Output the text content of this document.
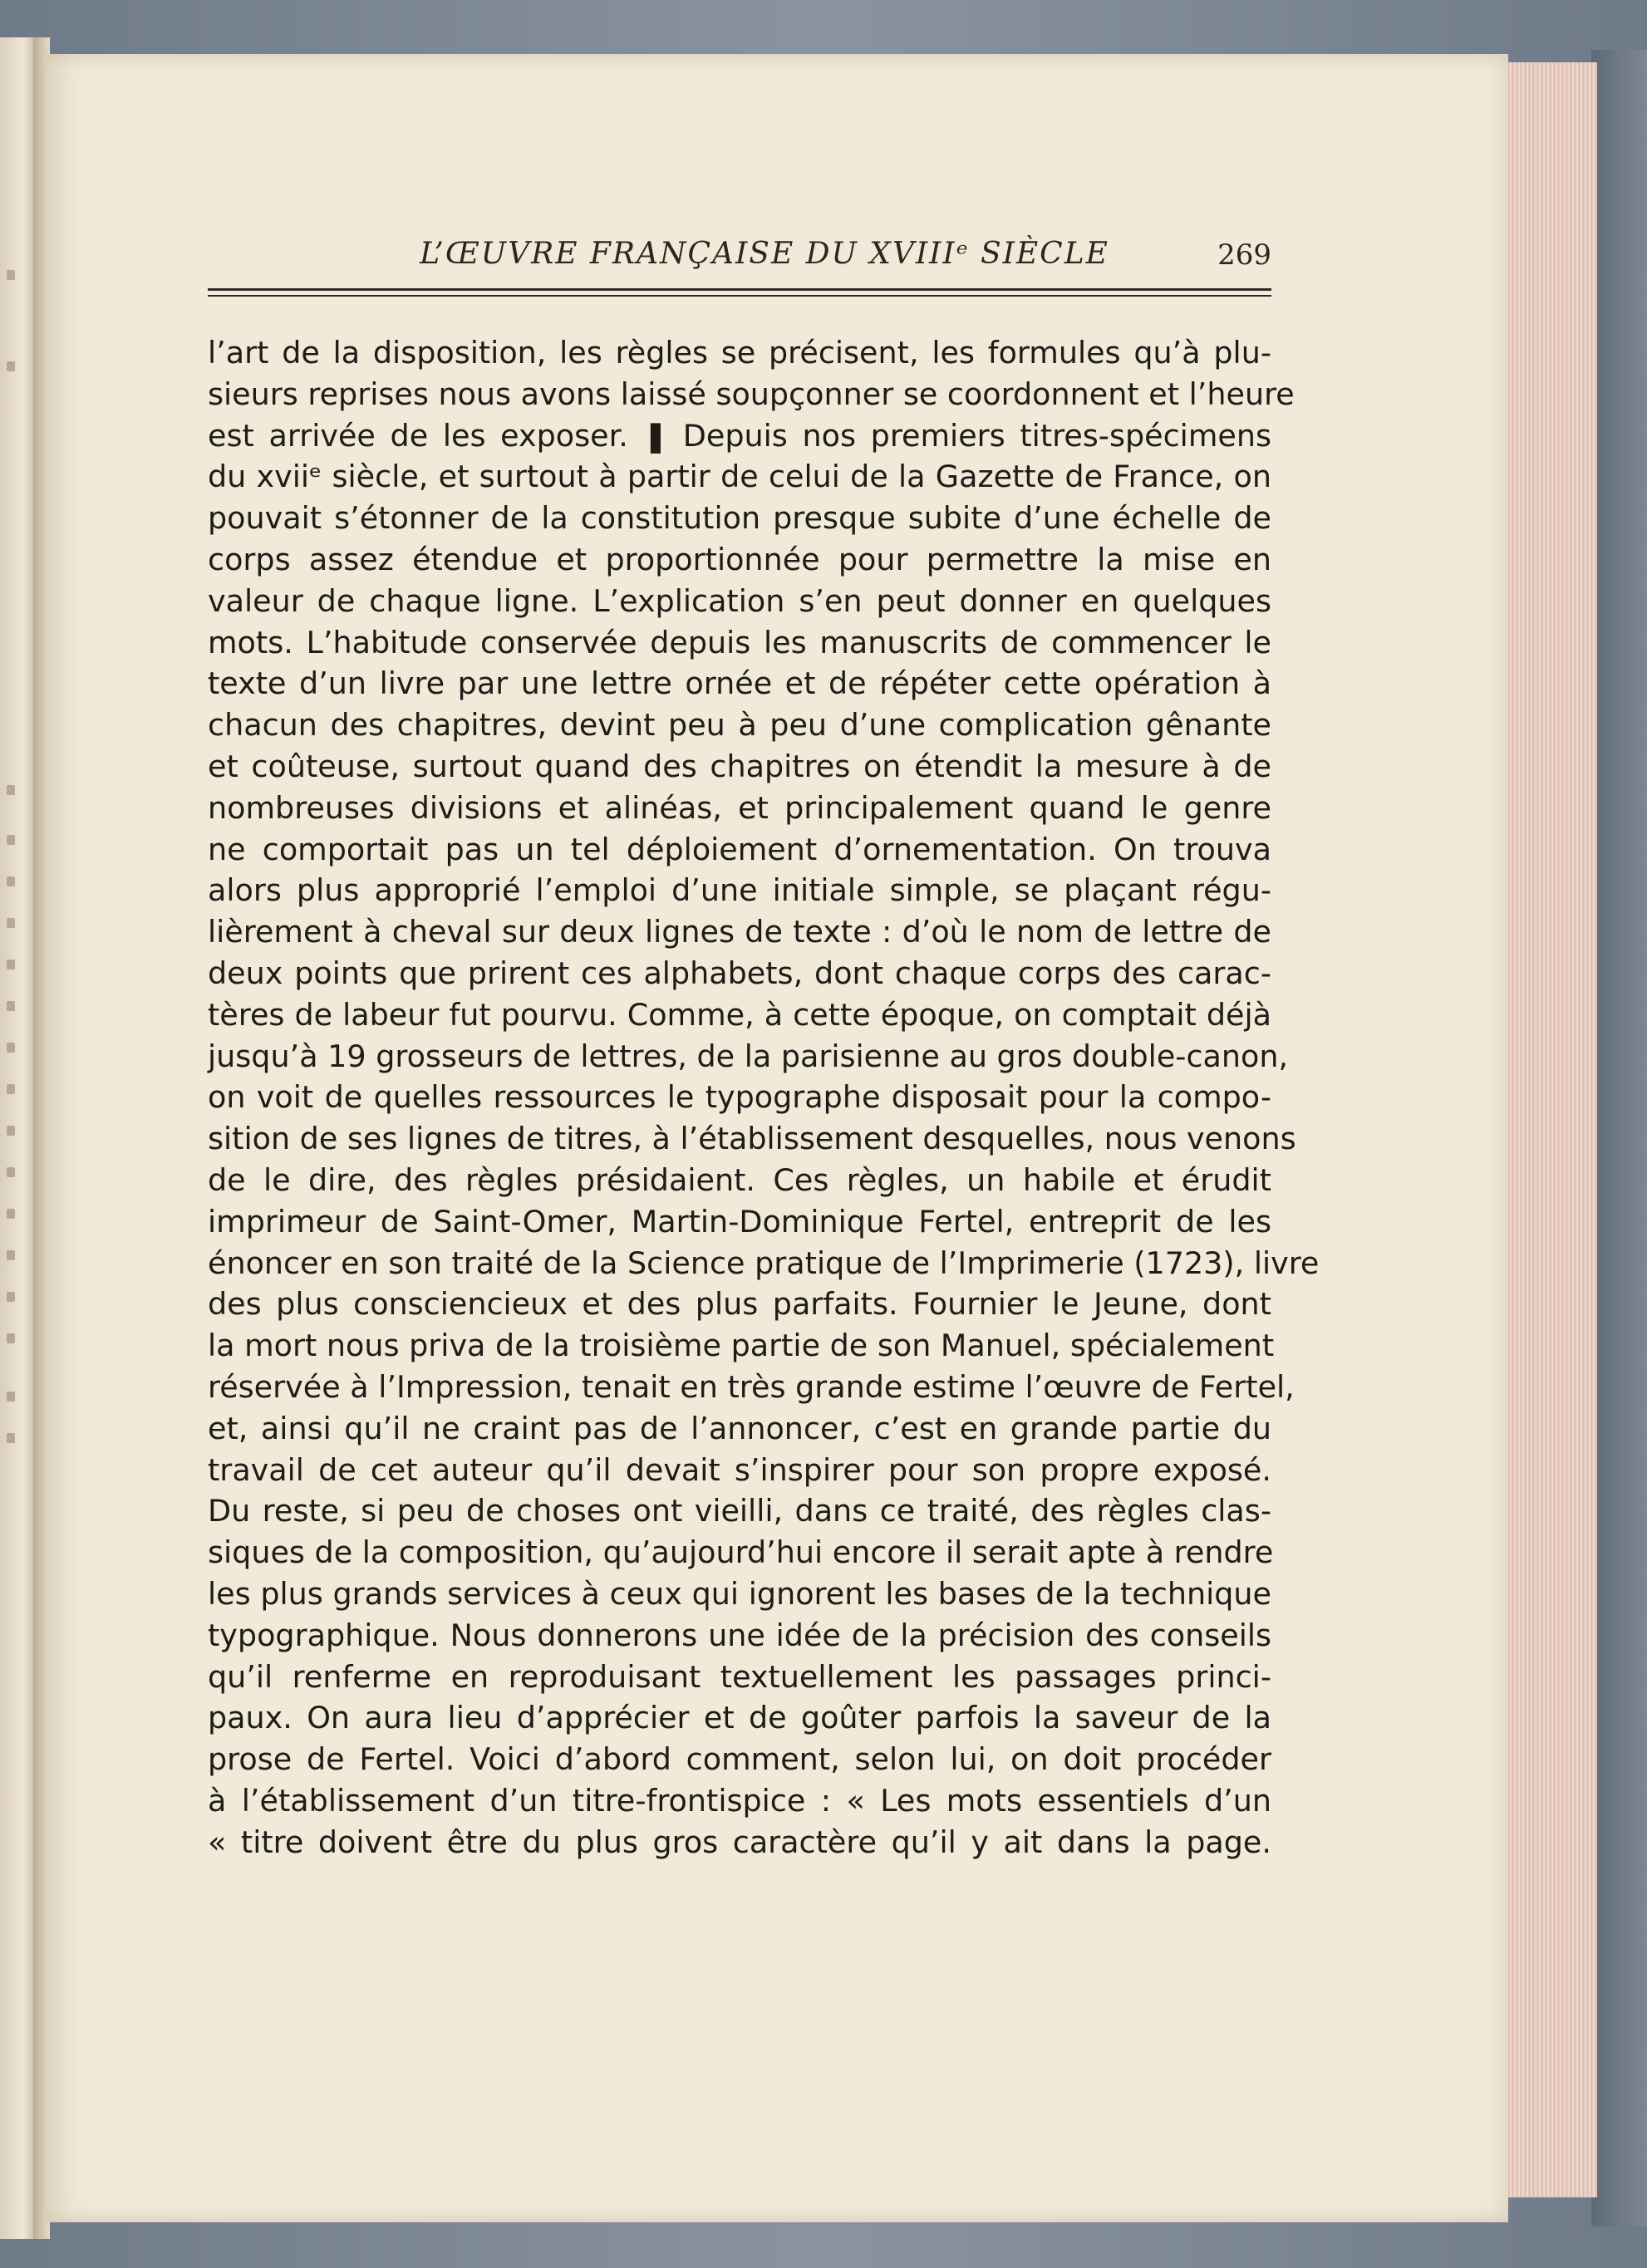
L’ŒUVRE FRANÇAISE DU XVIIIᵉ SIÈCLE	269
l’art de la disposition, les règles se précisent, les formules qu’à plu-
sieurs reprises nous avons laissé soupçonner se coordonnent et l’heure
est arrivée de les exposer. ❚ Depuis nos premiers titres-spécimens
du xviiᵉ siècle, et surtout à partir de celui de la Gazette de France, on
pouvait s’étonner de la constitution presque subite d’une échelle de
corps assez étendue et proportionnée pour permettre la mise en
valeur de chaque ligne. L’explication s’en peut donner en quelques
mots. L’habitude conservée depuis les manuscrits de commencer le
texte d’un livre par une lettre ornée et de répéter cette opération à
chacun des chapitres, devint peu à peu d’une complication gênante
et coûteuse, surtout quand des chapitres on étendit la mesure à de
nombreuses divisions et alinéas, et principalement quand le genre
ne comportait pas un tel déploiement d’ornementation. On trouva
alors plus approprié l’emploi d’une initiale simple, se plaçant régu-
lièrement à cheval sur deux lignes de texte : d’où le nom de lettre de
deux points que prirent ces alphabets, dont chaque corps des carac-
tères de labeur fut pourvu. Comme, à cette époque, on comptait déjà
jusqu’à 19 grosseurs de lettres, de la parisienne au gros double-canon,
on voit de quelles ressources le typographe disposait pour la compo-
sition de ses lignes de titres, à l’établissement desquelles, nous venons
de le dire, des règles présidaient. Ces règles, un habile et érudit
imprimeur de Saint-Omer, Martin-Dominique Fertel, entreprit de les
énoncer en son traité de la Science pratique de l’Imprimerie (1723), livre
des plus consciencieux et des plus parfaits. Fournier le Jeune, dont
la mort nous priva de la troisième partie de son Manuel, spécialement
réservée à l’Impression, tenait en très grande estime l’œuvre de Fertel,
et, ainsi qu’il ne craint pas de l’annoncer, c’est en grande partie du
travail de cet auteur qu’il devait s’inspirer pour son propre exposé.
Du reste, si peu de choses ont vieilli, dans ce traité, des règles clas-
siques de la composition, qu’aujourd’hui encore il serait apte à rendre
les plus grands services à ceux qui ignorent les bases de la technique
typographique. Nous donnerons une idée de la précision des conseils
qu’il renferme en reproduisant textuellement les passages princi-
paux. On aura lieu d’apprécier et de goûter parfois la saveur de la
prose de Fertel. Voici d’abord comment, selon lui, on doit procéder
à l’établissement d’un titre-frontispice : « Les mots essentiels d’un
« titre doivent être du plus gros caractère qu’il y ait dans la page.
